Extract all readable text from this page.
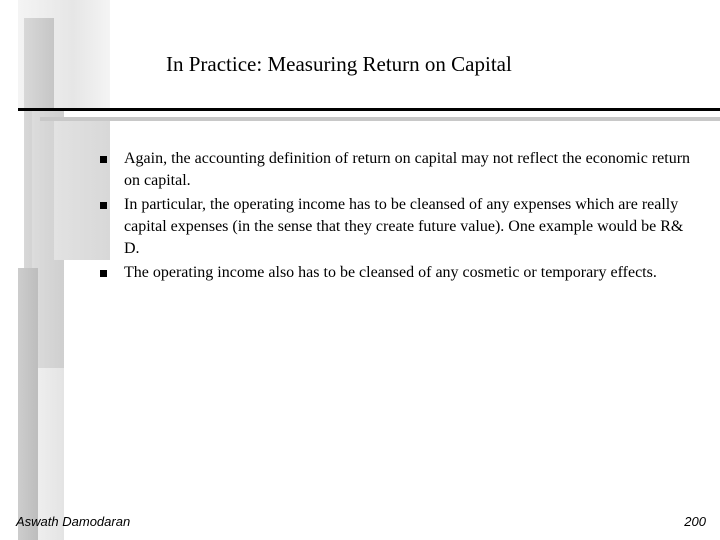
In Practice: Measuring Return on Capital
Again, the accounting definition of return on capital may not reflect the economic return on capital.
In particular, the operating income has to be cleansed of any expenses which are really capital expenses (in the sense that they create future value). One example would be R& D.
The operating income also has to be cleansed of any cosmetic or temporary effects.
Aswath Damodaran	200
